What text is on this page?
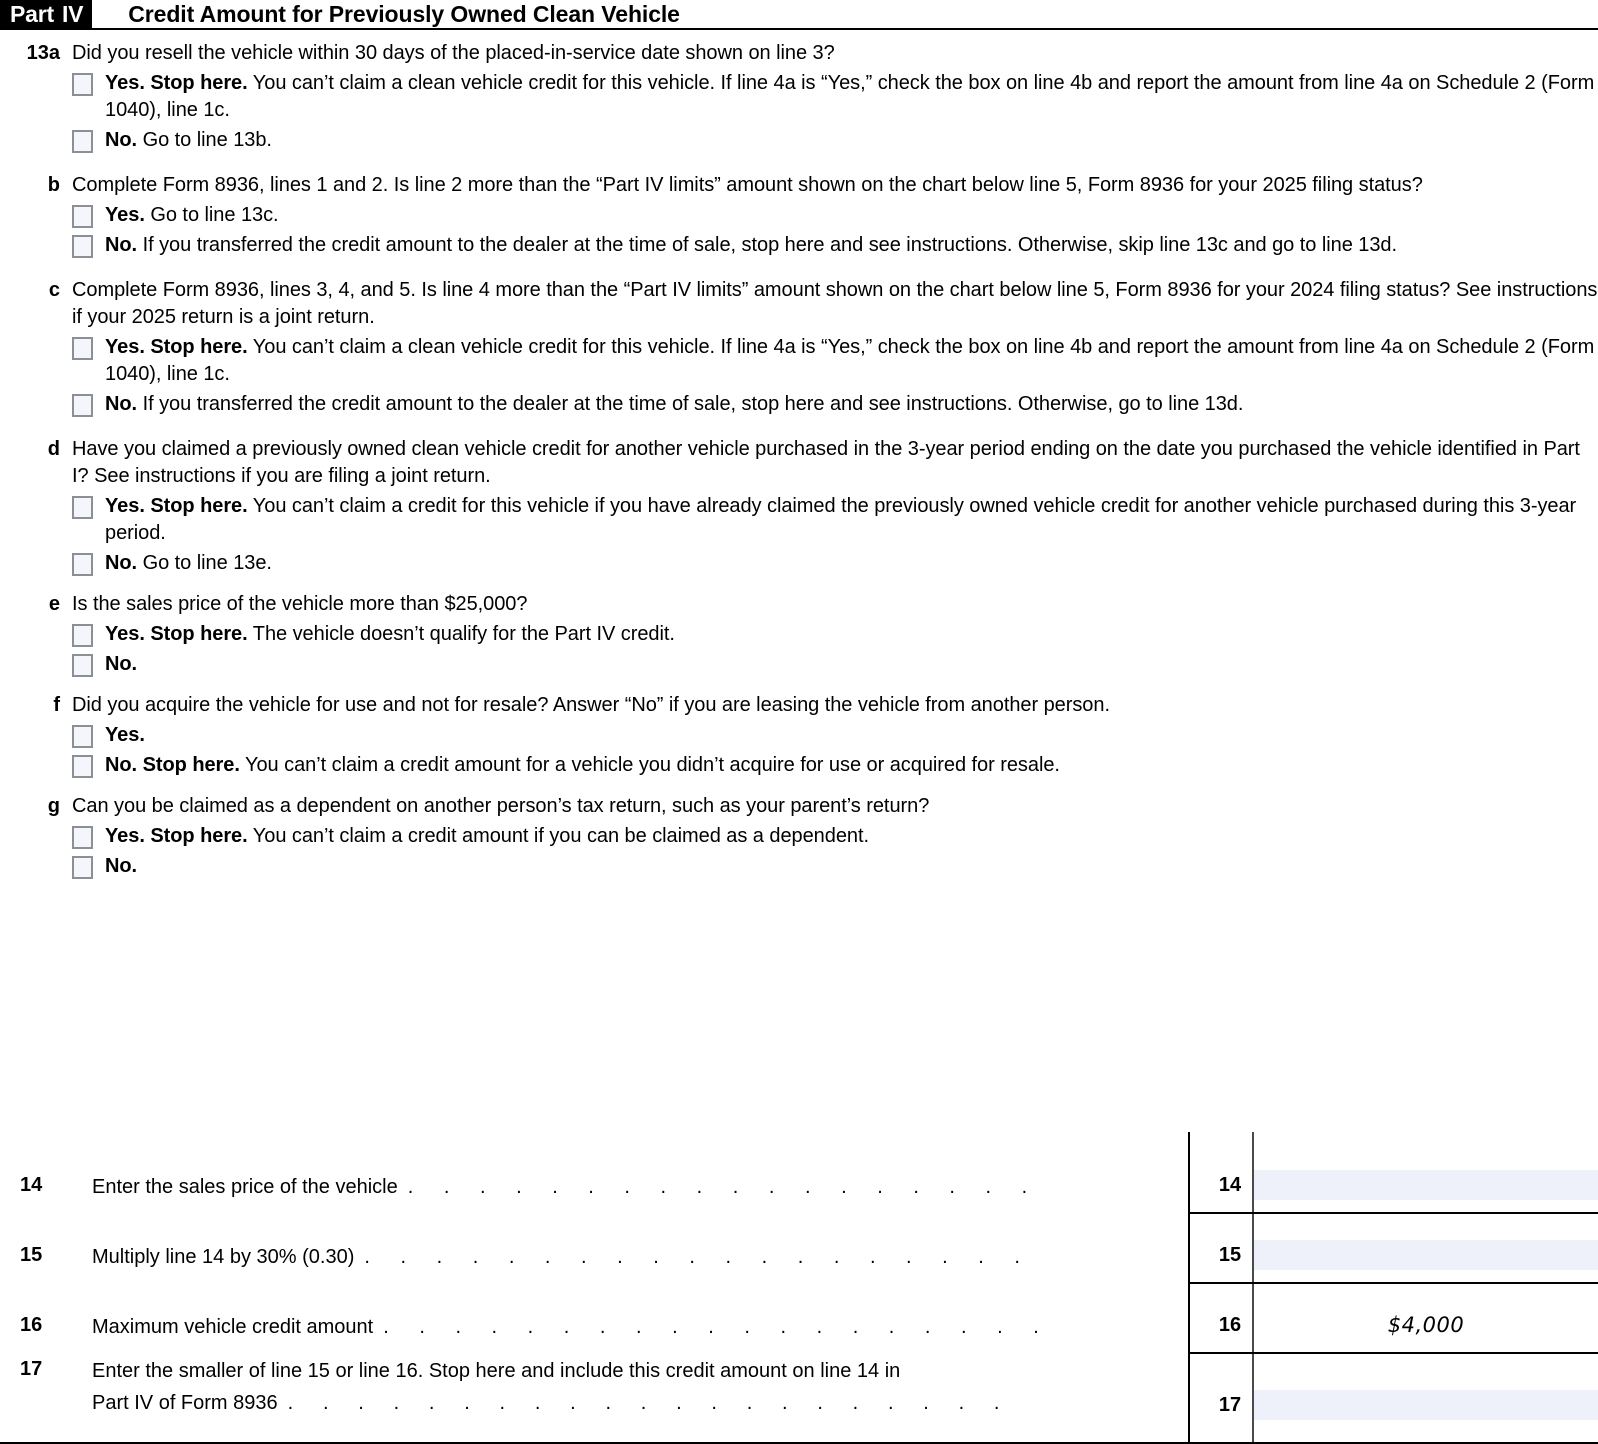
Part IV Credit Amount for Previously Owned Clean Vehicle
13a Did you resell the vehicle within 30 days of the placed-in-service date shown on line 3?
Yes. Stop here. You can’t claim a clean vehicle credit for this vehicle. If line 4a is “Yes,” check the box on line 4b and report the amount from line 4a on Schedule 2 (Form 1040), line 1c.
No. Go to line 13b.
b Complete Form 8936, lines 1 and 2. Is line 2 more than the “Part IV limits” amount shown on the chart below line 5, Form 8936 for your 2025 filing status?
Yes. Go to line 13c.
No. If you transferred the credit amount to the dealer at the time of sale, stop here and see instructions. Otherwise, skip line 13c and go to line 13d.
c Complete Form 8936, lines 3, 4, and 5. Is line 4 more than the “Part IV limits” amount shown on the chart below line 5, Form 8936 for your 2024 filing status? See instructions if your 2025 return is a joint return.
Yes. Stop here. You can’t claim a clean vehicle credit for this vehicle. If line 4a is “Yes,” check the box on line 4b and report the amount from line 4a on Schedule 2 (Form 1040), line 1c.
No. If you transferred the credit amount to the dealer at the time of sale, stop here and see instructions. Otherwise, go to line 13d.
d Have you claimed a previously owned clean vehicle credit for another vehicle purchased in the 3-year period ending on the date you purchased the vehicle identified in Part I? See instructions if you are filing a joint return.
Yes. Stop here. You can’t claim a credit for this vehicle if you have already claimed the previously owned vehicle credit for another vehicle purchased during this 3-year period.
No. Go to line 13e.
e Is the sales price of the vehicle more than $25,000?
Yes. Stop here. The vehicle doesn’t qualify for the Part IV credit.
No.
f Did you acquire the vehicle for use and not for resale? Answer “No” if you are leasing the vehicle from another person.
Yes.
No. Stop here. You can’t claim a credit amount for a vehicle you didn’t acquire for use or acquired for resale.
g Can you be claimed as a dependent on another person’s tax return, such as your parent’s return?
Yes. Stop here. You can’t claim a credit amount if you can be claimed as a dependent.
No.
14	Enter the sales price of the vehicle . . . . . . . . . . . . . . . . . .	14
15	Multiply line 14 by 30% (0.30) . . . . . . . . . . . . . . . . . . .	15
16	Maximum vehicle credit amount . . . . . . . . . . . . . . . . . . .	16	$4,000
17	Enter the smaller of line 15 or line 16. Stop here and include this credit amount on line 14 in
Part IV of Form 8936 . . . . . . . . . . . . . . . . . . . . .	17
